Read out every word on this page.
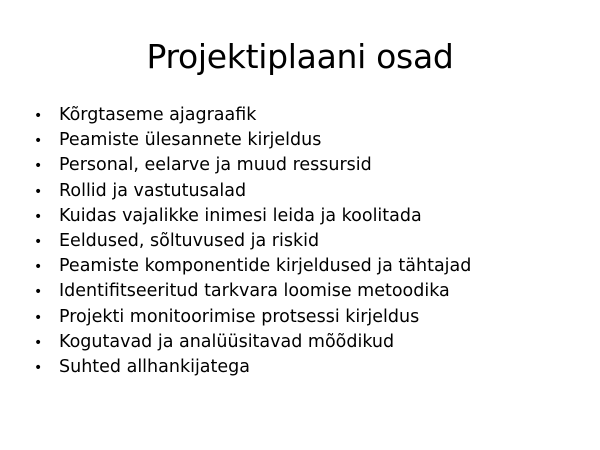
Projektiplaani osad
• Kõrgtaseme ajagraafik
• Peamiste ülesannete kirjeldus
• Personal, eelarve ja muud ressursid
• Rollid ja vastutusalad
• Kuidas vajalikke inimesi leida ja koolitada
• Eeldused, sõltuvused ja riskid
• Peamiste komponentide kirjeldused ja tähtajad
• Identifitseeritud tarkvara loomise metoodika
• Projekti monitoorimise protsessi kirjeldus
• Kogutavad ja analüüsitavad mõõdikud
• Suhted allhankijatega
